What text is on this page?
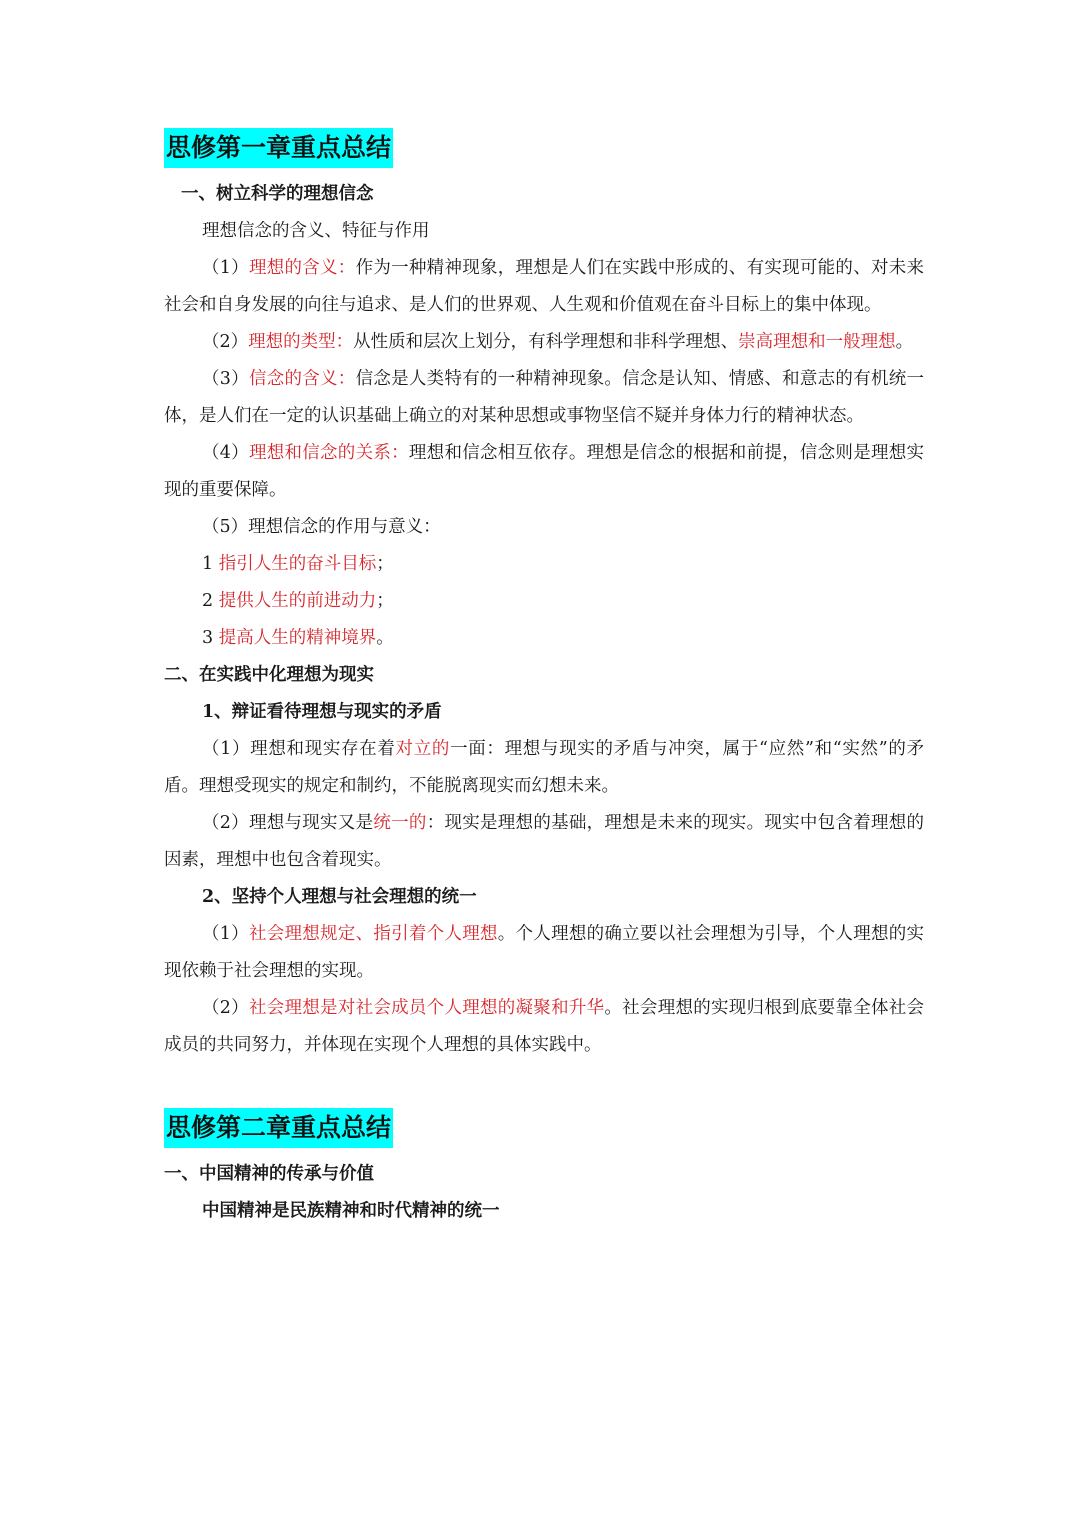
思修第一章重点总结

一、树立科学的理想信念

理想信念的含义、特征与作用

（1）理想的含义：作为一种精神现象，理想是人们在实践中形成的、有实现可能的、对未来社会和自身发展的向往与追求、是人们的世界观、人生观和价值观在奋斗目标上的集中体现。

（2）理想的类型：从性质和层次上划分，有科学理想和非科学理想、崇高理想和一般理想。

（3）信念的含义：信念是人类特有的一种精神现象。信念是认知、情感、和意志的有机统一体，是人们在一定的认识基础上确立的对某种思想或事物坚信不疑并身体力行的精神状态。

（4）理想和信念的关系：理想和信念相互依存。理想是信念的根据和前提，信念则是理想实现的重要保障。

（5）理想信念的作用与意义：

1 指引人生的奋斗目标；

2 提供人生的前进动力；

3 提高人生的精神境界。

二、在实践中化理想为现实

1、辩证看待理想与现实的矛盾

（1）理想和现实存在着对立的一面：理想与现实的矛盾与冲突，属于“应然”和“实然”的矛盾。理想受现实的规定和制约，不能脱离现实而幻想未来。

（2）理想与现实又是统一的：现实是理想的基础，理想是未来的现实。现实中包含着理想的因素，理想中也包含着现实。

2、坚持个人理想与社会理想的统一

（1）社会理想规定、指引着个人理想。个人理想的确立要以社会理想为引导，个人理想的实现依赖于社会理想的实现。

（2）社会理想是对社会成员个人理想的凝聚和升华。社会理想的实现归根到底要靠全体社会成员的共同努力，并体现在实现个人理想的具体实践中。

思修第二章重点总结

一、中国精神的传承与价值

中国精神是民族精神和时代精神的统一
